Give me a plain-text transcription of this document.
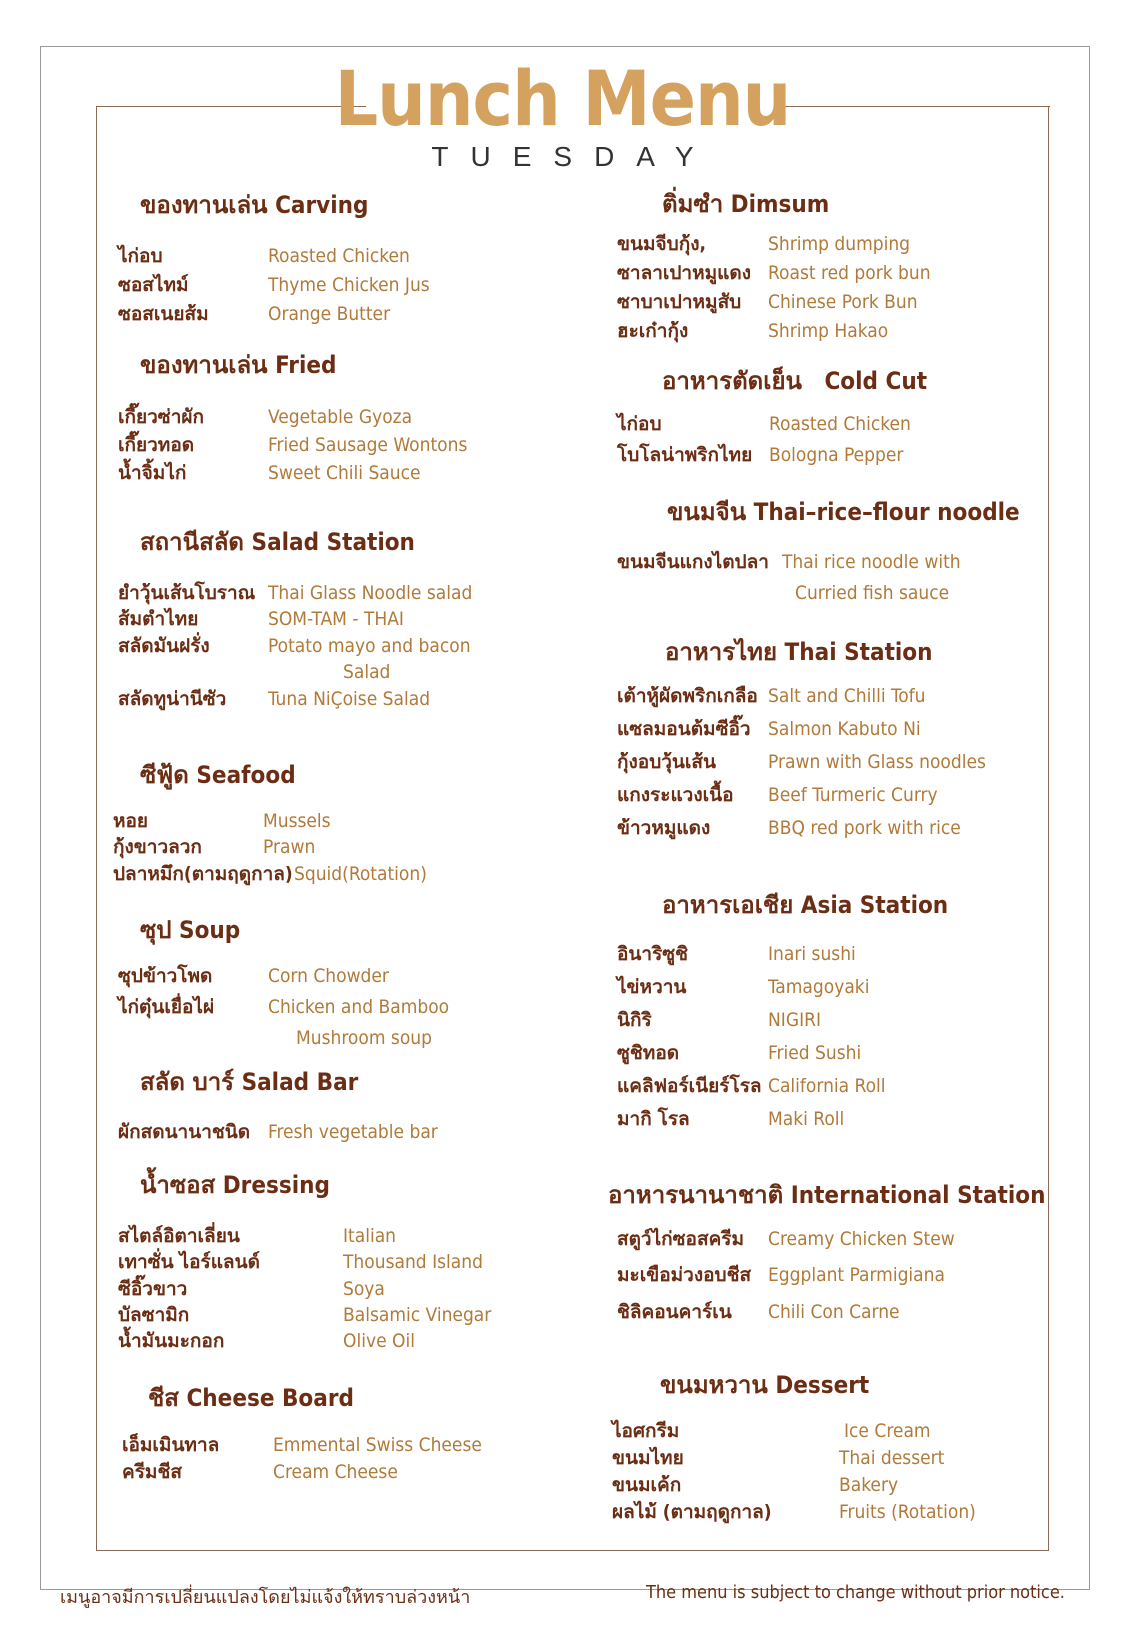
Lunch Menu
TUESDAY
ของทานเล่น Carving
ไก่อบ	Roasted Chicken
ซอสไทม์	Thyme Chicken Jus
ซอสเนยส้ม	Orange Butter
ของทานเล่น Fried
เกี๊ยวซ่าผัก	Vegetable Gyoza
เกี๊ยวทอด	Fried Sausage Wontons
น้ำจิ้มไก่	Sweet Chili Sauce
สถานีสลัด Salad Station
ยำวุ้นเส้นโบราณ Thai Glass Noodle salad
ส้มตำไทย	SOM-TAM - THAI
สลัดมันฝรั่ง	Potato mayo and bacon
Salad
สลัดทูน่านีซัว Tuna NiÇoise Salad
ซีฟู้ด Seafood
หอย	Mussels
กุ้งขาวลวก	Prawn
ปลาหมึก(ตามฤดูกาล) Squid(Rotation)
ซุป Soup
ซุปข้าวโพด	Corn Chowder
ไก่ตุ๋นเยื่อไผ่	Chicken and Bamboo
Mushroom soup
สลัด บาร์ Salad Bar
ผักสดนานาชนิด Fresh vegetable bar
น้ำซอส Dressing
สไตล์อิตาเลี่ยน	Italian
เทาซั่น ไอร์แลนด์	Thousand Island
ซีอิ๊วขาว	Soya
บัลซามิก	Balsamic Vinegar
น้ำมันมะกอก	Olive Oil
ชีส Cheese Board
เอ็มเมินทาล	Emmental Swiss Cheese
ครีมชีส	Cream Cheese
ติ่มซำ Dimsum
ขนมจีบกุ้ง,	Shrimp dumping
ซาลาเปาหมูแดง Roast red pork bun
ซาบาเปาหมูสับ Chinese Pork Bun
ฮะเก๋ากุ้ง	Shrimp Hakao
อาหารตัดเย็น   Cold Cut
ไก่อบ	Roasted Chicken
โบโลน่าพริกไทย Bologna Pepper
ขนมจีน Thai–rice–flour noodle
ขนมจีนแกงไตปลา Thai rice noodle with
Curried fish sauce
อาหารไทย Thai Station
เต้าหู้ผัดพริกเกลือ Salt and Chilli Tofu
แซลมอนต้มซีอิ๊ว Salmon Kabuto Ni
กุ้งอบวุ้นเส้น	Prawn with Glass noodles
แกงระแวงเนื้อ Beef Turmeric Curry
ข้าวหมูแดง	BBQ red pork with rice
อาหารเอเชีย Asia Station
อินาริซูชิ	Inari sushi
ไข่หวาน	Tamagoyaki
นิกิริ	NIGIRI
ซูชิทอด	Fried Sushi
แคลิฟอร์เนียร์โรล California Roll
มากิ โรล	Maki Roll
อาหารนานาชาติ International Station
สตูว์ไก่ซอสครีม Creamy Chicken Stew
มะเขือม่วงอบชีส Eggplant Parmigiana
ชิลิคอนคาร์เน Chili Con Carne
ขนมหวาน Dessert
ไอศกรีม	Ice Cream
ขนมไทย	Thai dessert
ขนมเค้ก	Bakery
ผลไม้ (ตามฤดูกาล)	Fruits (Rotation)
เมนูอาจมีการเปลี่ยนแปลงโดยไม่แจ้งให้ทราบล่วงหน้า	The menu is subject to change without prior notice.
